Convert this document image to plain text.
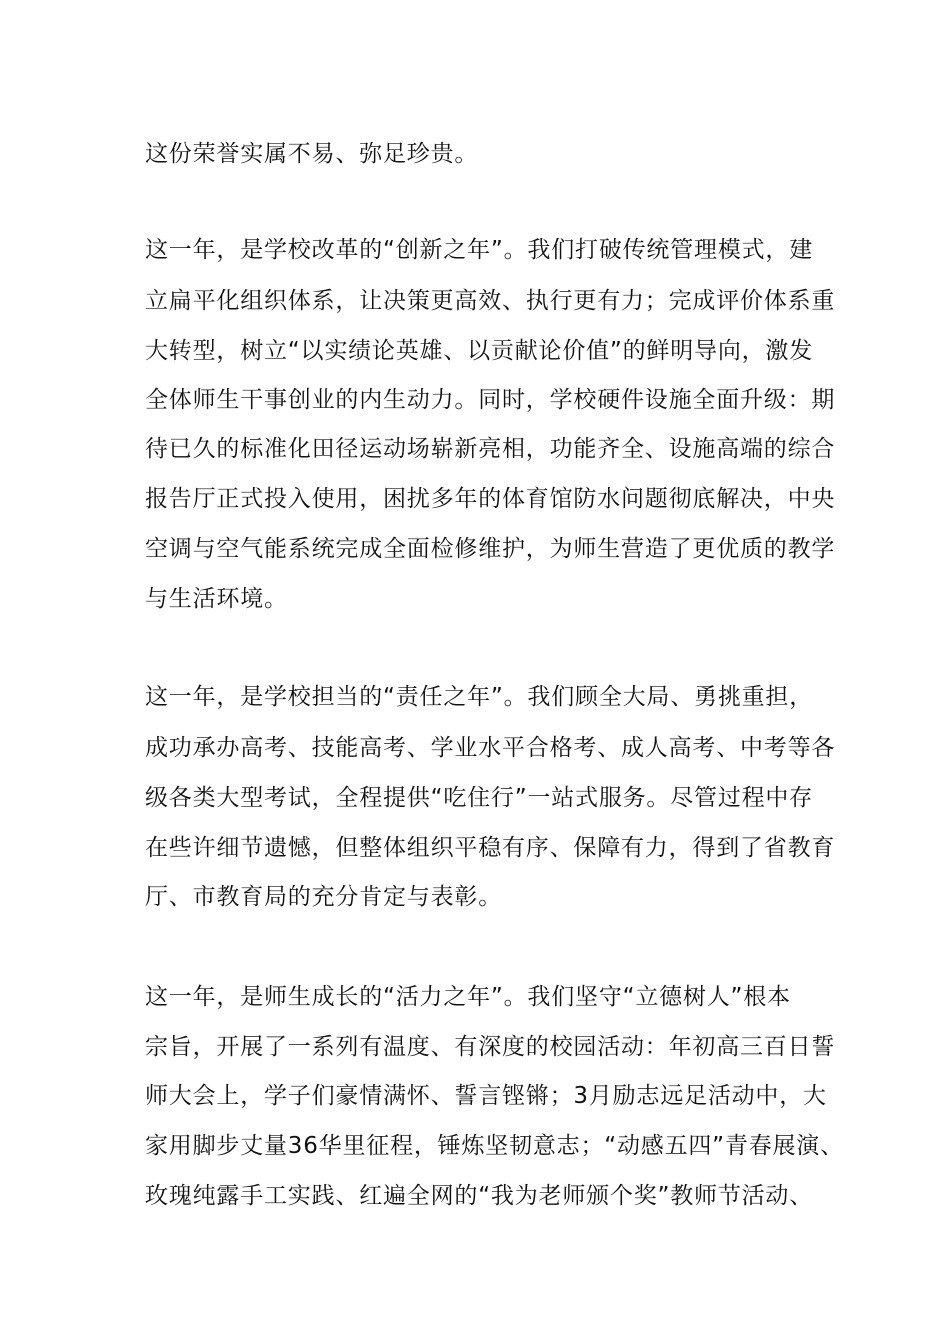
这份荣誉实属不易、弥足珍贵。

这一年，是学校改革的“创新之年”。我们打破传统管理模式，建

立扁平化组织体系，让决策更高效、执行更有力；完成评价体系重

大转型，树立“以实绩论英雄、以贡献论价值”的鲜明导向，激发

全体师生干事创业的内生动力。同时，学校硬件设施全面升级：期

待已久的标准化田径运动场崭新亮相，功能齐全、设施高端的综合

报告厅正式投入使用，困扰多年的体育馆防水问题彻底解决，中央

空调与空气能系统完成全面检修维护，为师生营造了更优质的教学

与生活环境。

这一年，是学校担当的“责任之年”。我们顾全大局、勇挑重担，

成功承办高考、技能高考、学业水平合格考、成人高考、中考等各

级各类大型考试，全程提供“吃住行”一站式服务。尽管过程中存

在些许细节遗憾，但整体组织平稳有序、保障有力，得到了省教育

厅、市教育局的充分肯定与表彰。

这一年，是师生成长的“活力之年”。我们坚守“立德树人”根本

宗旨，开展了一系列有温度、有深度的校园活动：年初高三百日誓

师大会上，学子们豪情满怀、誓言铿锵；3月励志远足活动中，大

家用脚步丈量36华里征程，锤炼坚韧意志；“动感五四”青春展演、

玫瑰纯露手工实践、红遍全网的“我为老师颁个奖”教师节活动、
